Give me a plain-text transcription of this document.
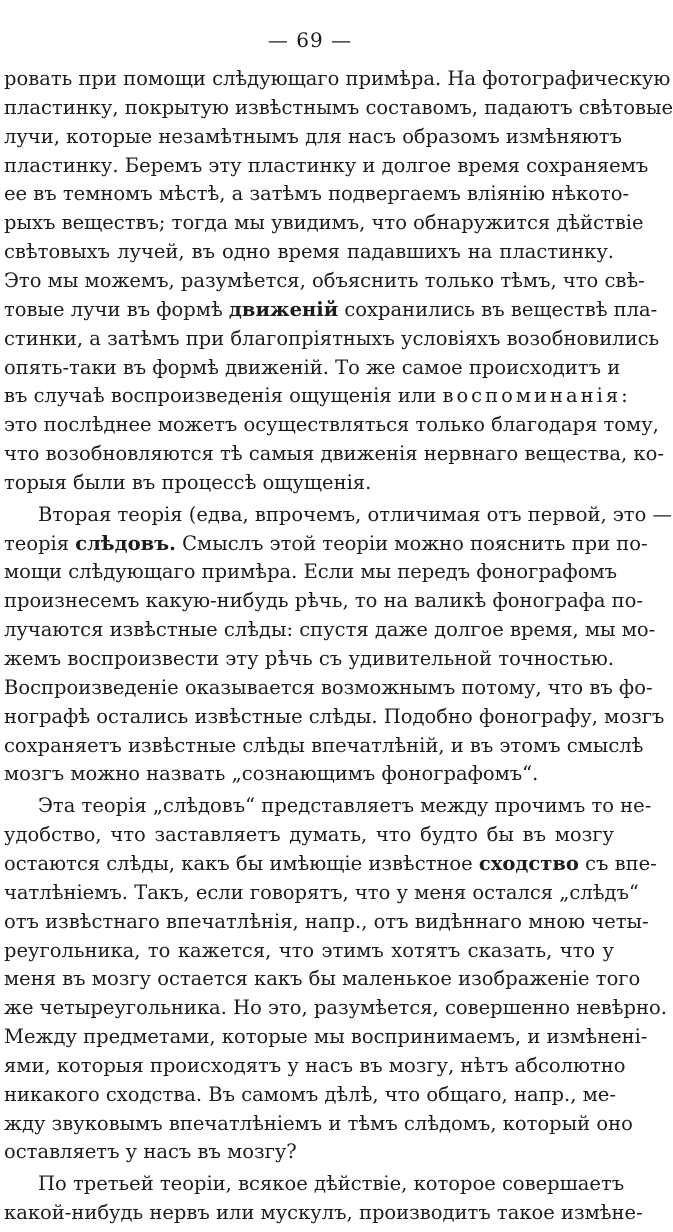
— 69 —
ровать при помощи слѣдующаго примѣра. На фотографическую
пластинку, покрытую извѣстнымъ составомъ, падаютъ свѣтовые
лучи, которые незамѣтнымъ для насъ образомъ измѣняютъ
пластинку. Беремъ эту пластинку и долгое время сохраняемъ
ее въ темномъ мѣстѣ, а затѣмъ подвергаемъ вліянію нѣкото-
рыхъ веществъ; тогда мы увидимъ, что обнаружится дѣйствіе
свѣтовыхъ лучей, въ одно время падавшихъ на пластинку.
Это мы можемъ, разумѣется, объяснить только тѣмъ, что свѣ-
товые лучи въ формѣ движеній сохранились въ веществѣ пла-
стинки, а затѣмъ при благопріятныхъ условіяхъ возобновились
опять-таки въ формѣ движеній. То же самое происходитъ и
въ случаѣ воспроизведенія ощущенія или воспоминанія:
это послѣднее можетъ осуществляться только благодаря тому,
что возобновляются тѣ самыя движенія нервнаго вещества, ко-
торыя были въ процессѣ ощущенія.
Вторая теорія (едва, впрочемъ, отличимая отъ первой, это —
теорія слѣдовъ. Смыслъ этой теоріи можно пояснить при по-
мощи слѣдующаго примѣра. Если мы передъ фонографомъ
произнесемъ какую-нибудь рѣчь, то на валикѣ фонографа по-
лучаются извѣстные слѣды: спустя даже долгое время, мы мо-
жемъ воспроизвести эту рѣчь съ удивительной точностью.
Воспроизведеніе оказывается возможнымъ потому, что въ фо-
нографѣ остались извѣстные слѣды. Подобно фонографу, мозгъ
сохраняетъ извѣстные слѣды впечатлѣній, и въ этомъ смыслѣ
мозгъ можно назвать „сознающимъ фонографомъ“.
Эта теорія „слѣдовъ“ представляетъ между прочимъ то не-
удобство, что заставляетъ думать, что будто бы въ мозгу
остаются слѣды, какъ бы имѣющіе извѣстное сходство съ впе-
чатлѣніемъ. Такъ, если говорятъ, что у меня остался „слѣдъ“
отъ извѣстнаго впечатлѣнія, напр., отъ видѣннаго мною четы-
реугольника, то кажется, что этимъ хотятъ сказать, что у
меня въ мозгу остается какъ бы маленькое изображеніе того
же четыреугольника. Но это, разумѣется, совершенно невѣрно.
Между предметами, которые мы воспринимаемъ, и измѣненi-
ями, которыя происходятъ у насъ въ мозгу, нѣтъ абсолютно
никакого сходства. Въ самомъ дѣлѣ, что общаго, напр., ме-
жду звуковымъ впечатлѣніемъ и тѣмъ слѣдомъ, который оно
оставляетъ у насъ въ мозгу?
По третьей теоріи, всякое дѣйствіе, которое совершаетъ
какой-нибудь нервъ или мускулъ, производитъ такое измѣне-
